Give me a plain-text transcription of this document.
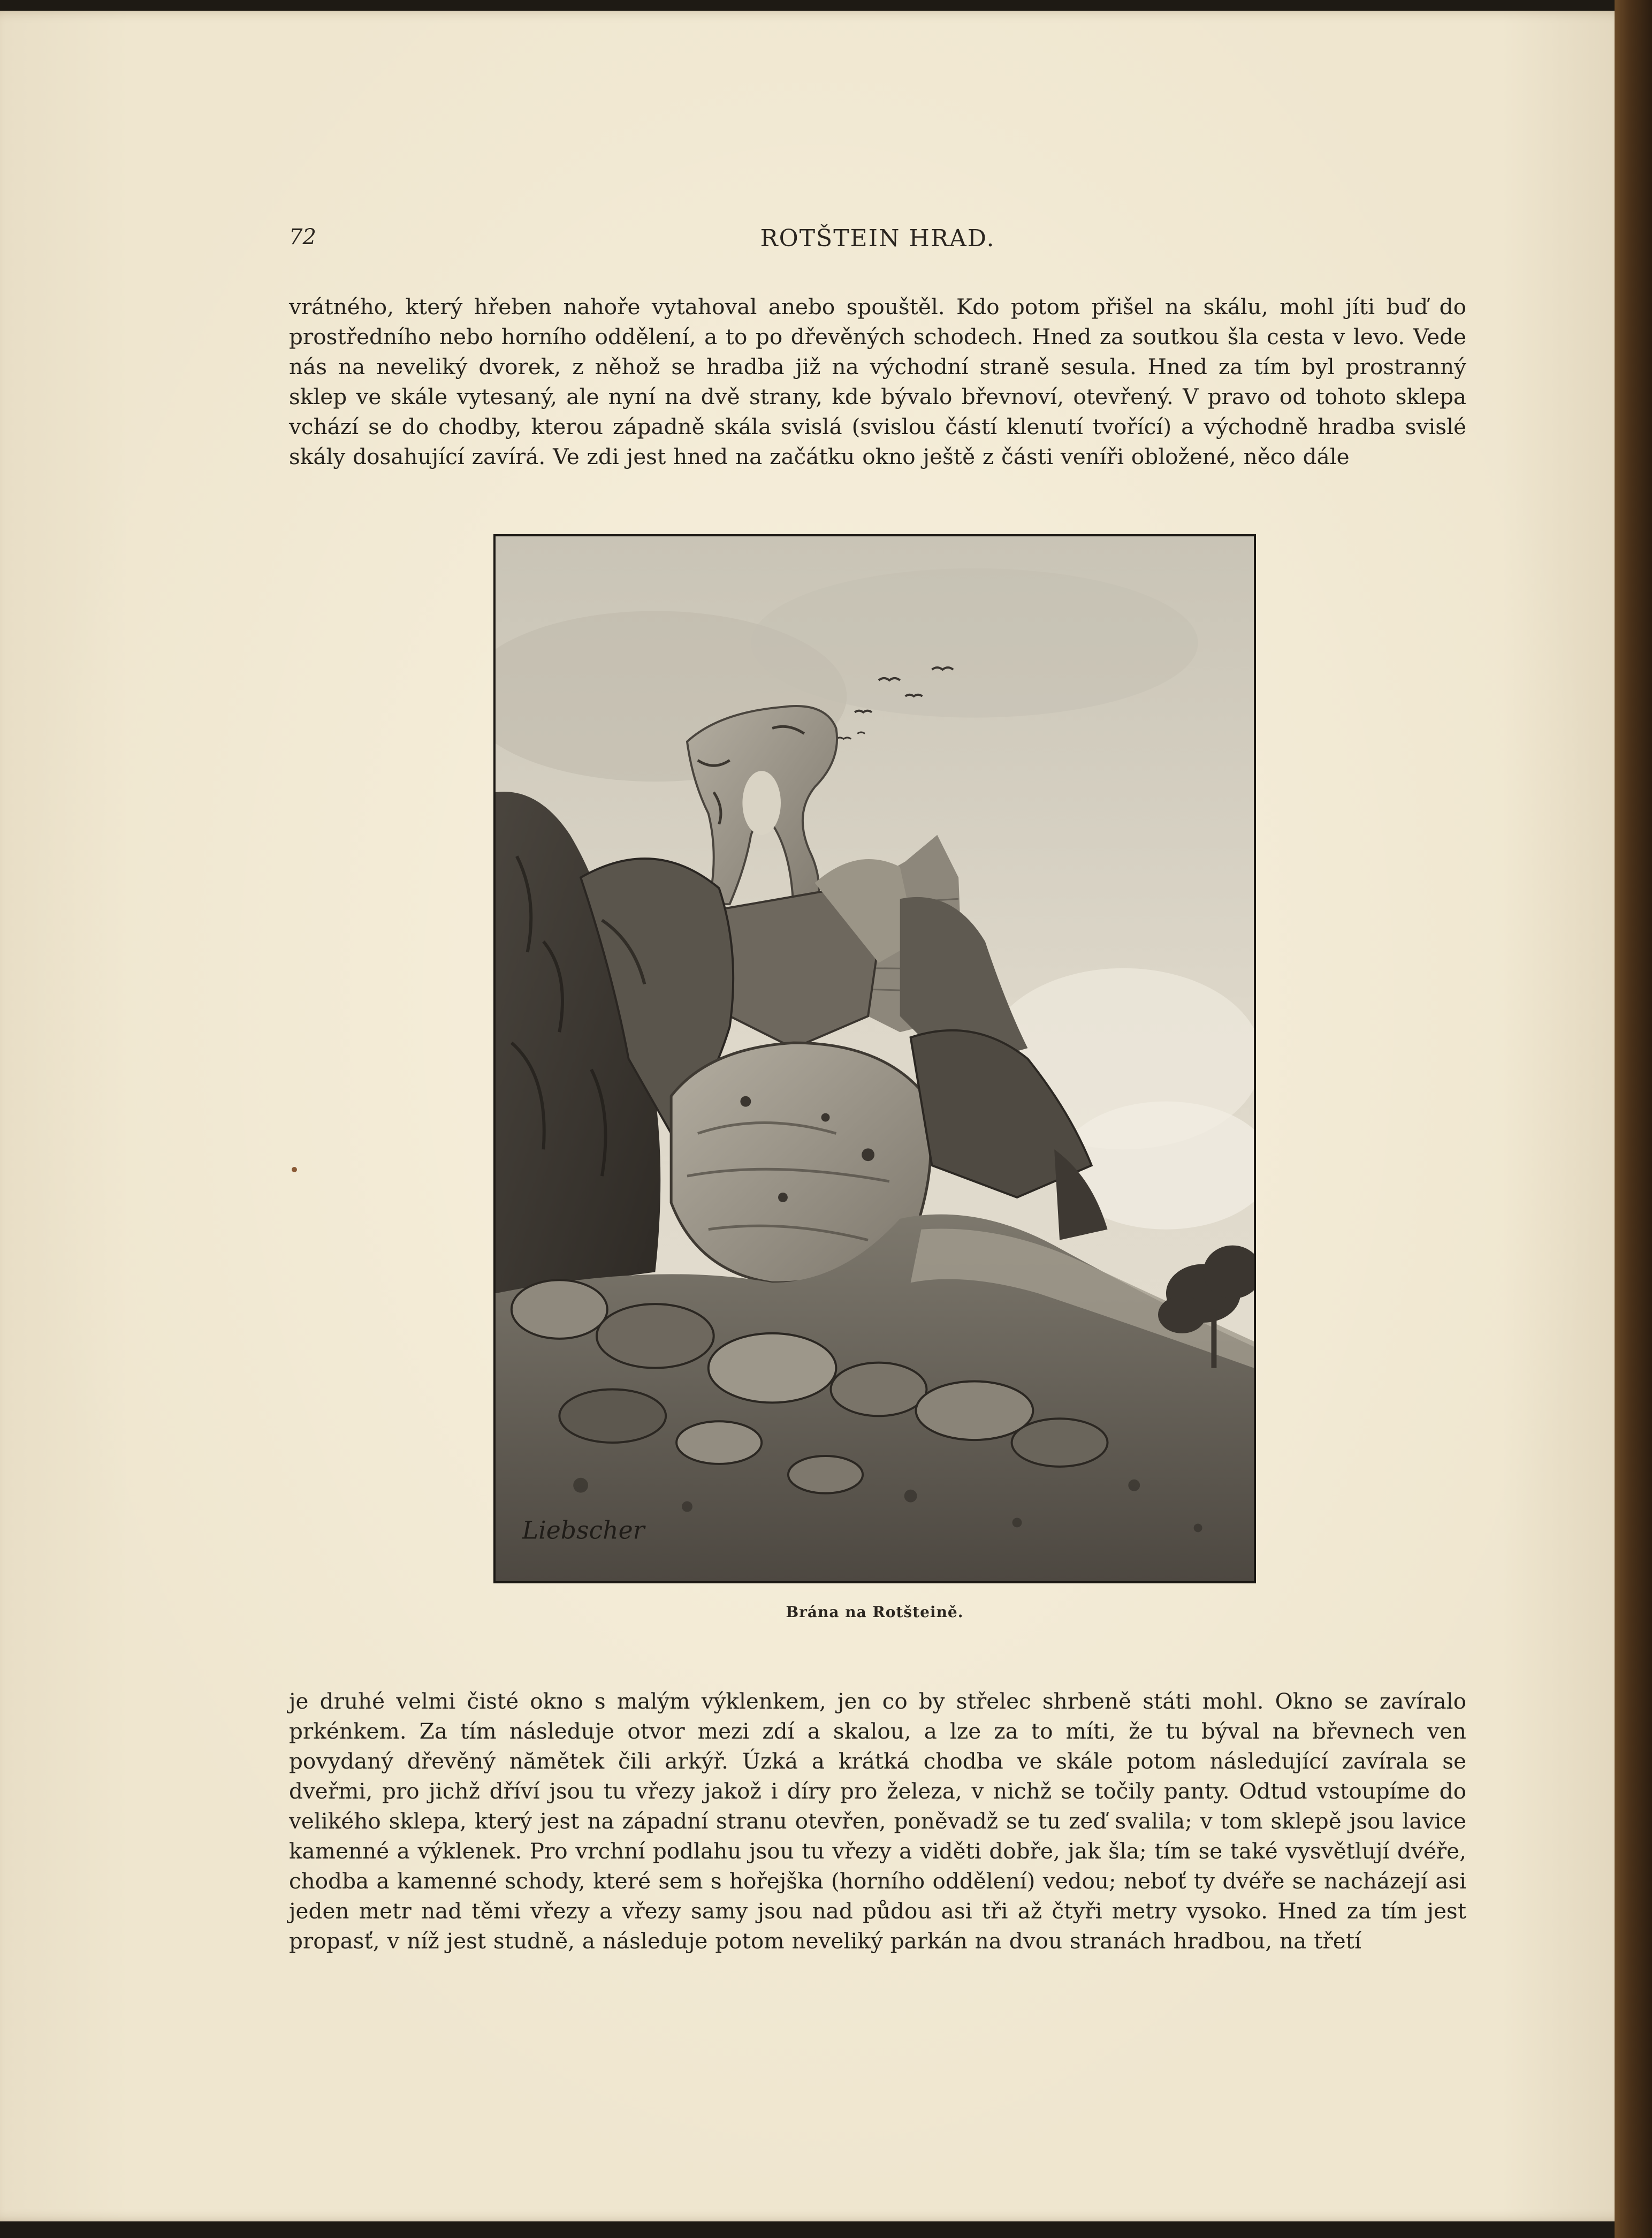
72	ROTŠTEIN HRAD.
vrátného, který hřeben nahoře vytahoval anebo spouštěl. Kdo potom přišel na skálu, mohl jíti buď do prostředního nebo horního oddělení, a to po dřevěných schodech. Hned za soutkou šla cesta v levo. Vede nás na neveliký dvorek, z něhož se hradba již na východní straně sesula. Hned za tím byl prostranný sklep ve skále vytesaný, ale nyní na dvě strany, kde bývalo břevnoví, otevřený. V pravo od tohoto sklepa vchází se do chodby, kterou západně skála svislá (svislou částí klenutí tvořící) a východně hradba svislé skály dosahující zavírá. Ve zdi jest hned na začátku okno ještě z části veníři obložené, něco dále
Liebscher
Brána na Rotšteině.
je druhé velmi čisté okno s malým výklenkem, jen co by střelec shrbeně státi mohl. Okno se zavíralo prkénkem. Za tím následuje otvor mezi zdí a skalou, a lze za to míti, že tu býval na břevnech ven povydaný dřevěný nămětek čili arkýř. Úzká a krátká chodba ve skále potom následující zavírala se dveřmi, pro jichž dříví jsou tu vřezy jakož i díry pro železa, v nichž se točily panty. Odtud vstoupíme do velikého sklepa, který jest na západní stranu otevřen, poněvadž se tu zeď svalila; v tom sklepě jsou lavice kamenné a výklenek. Pro vrchní podlahu jsou tu vřezy a viděti dobře, jak šla; tím se také vysvětlují dvéře, chodba a kamenné schody, které sem s hořejška (horního oddělení) vedou; neboť ty dvéře se nacházejí asi jeden metr nad těmi vřezy a vřezy samy jsou nad půdou asi tři až čtyři metry vysoko. Hned za tím jest propasť, v níž jest studně, a následuje potom neveliký parkán na dvou stranách hradbou, na třetí
